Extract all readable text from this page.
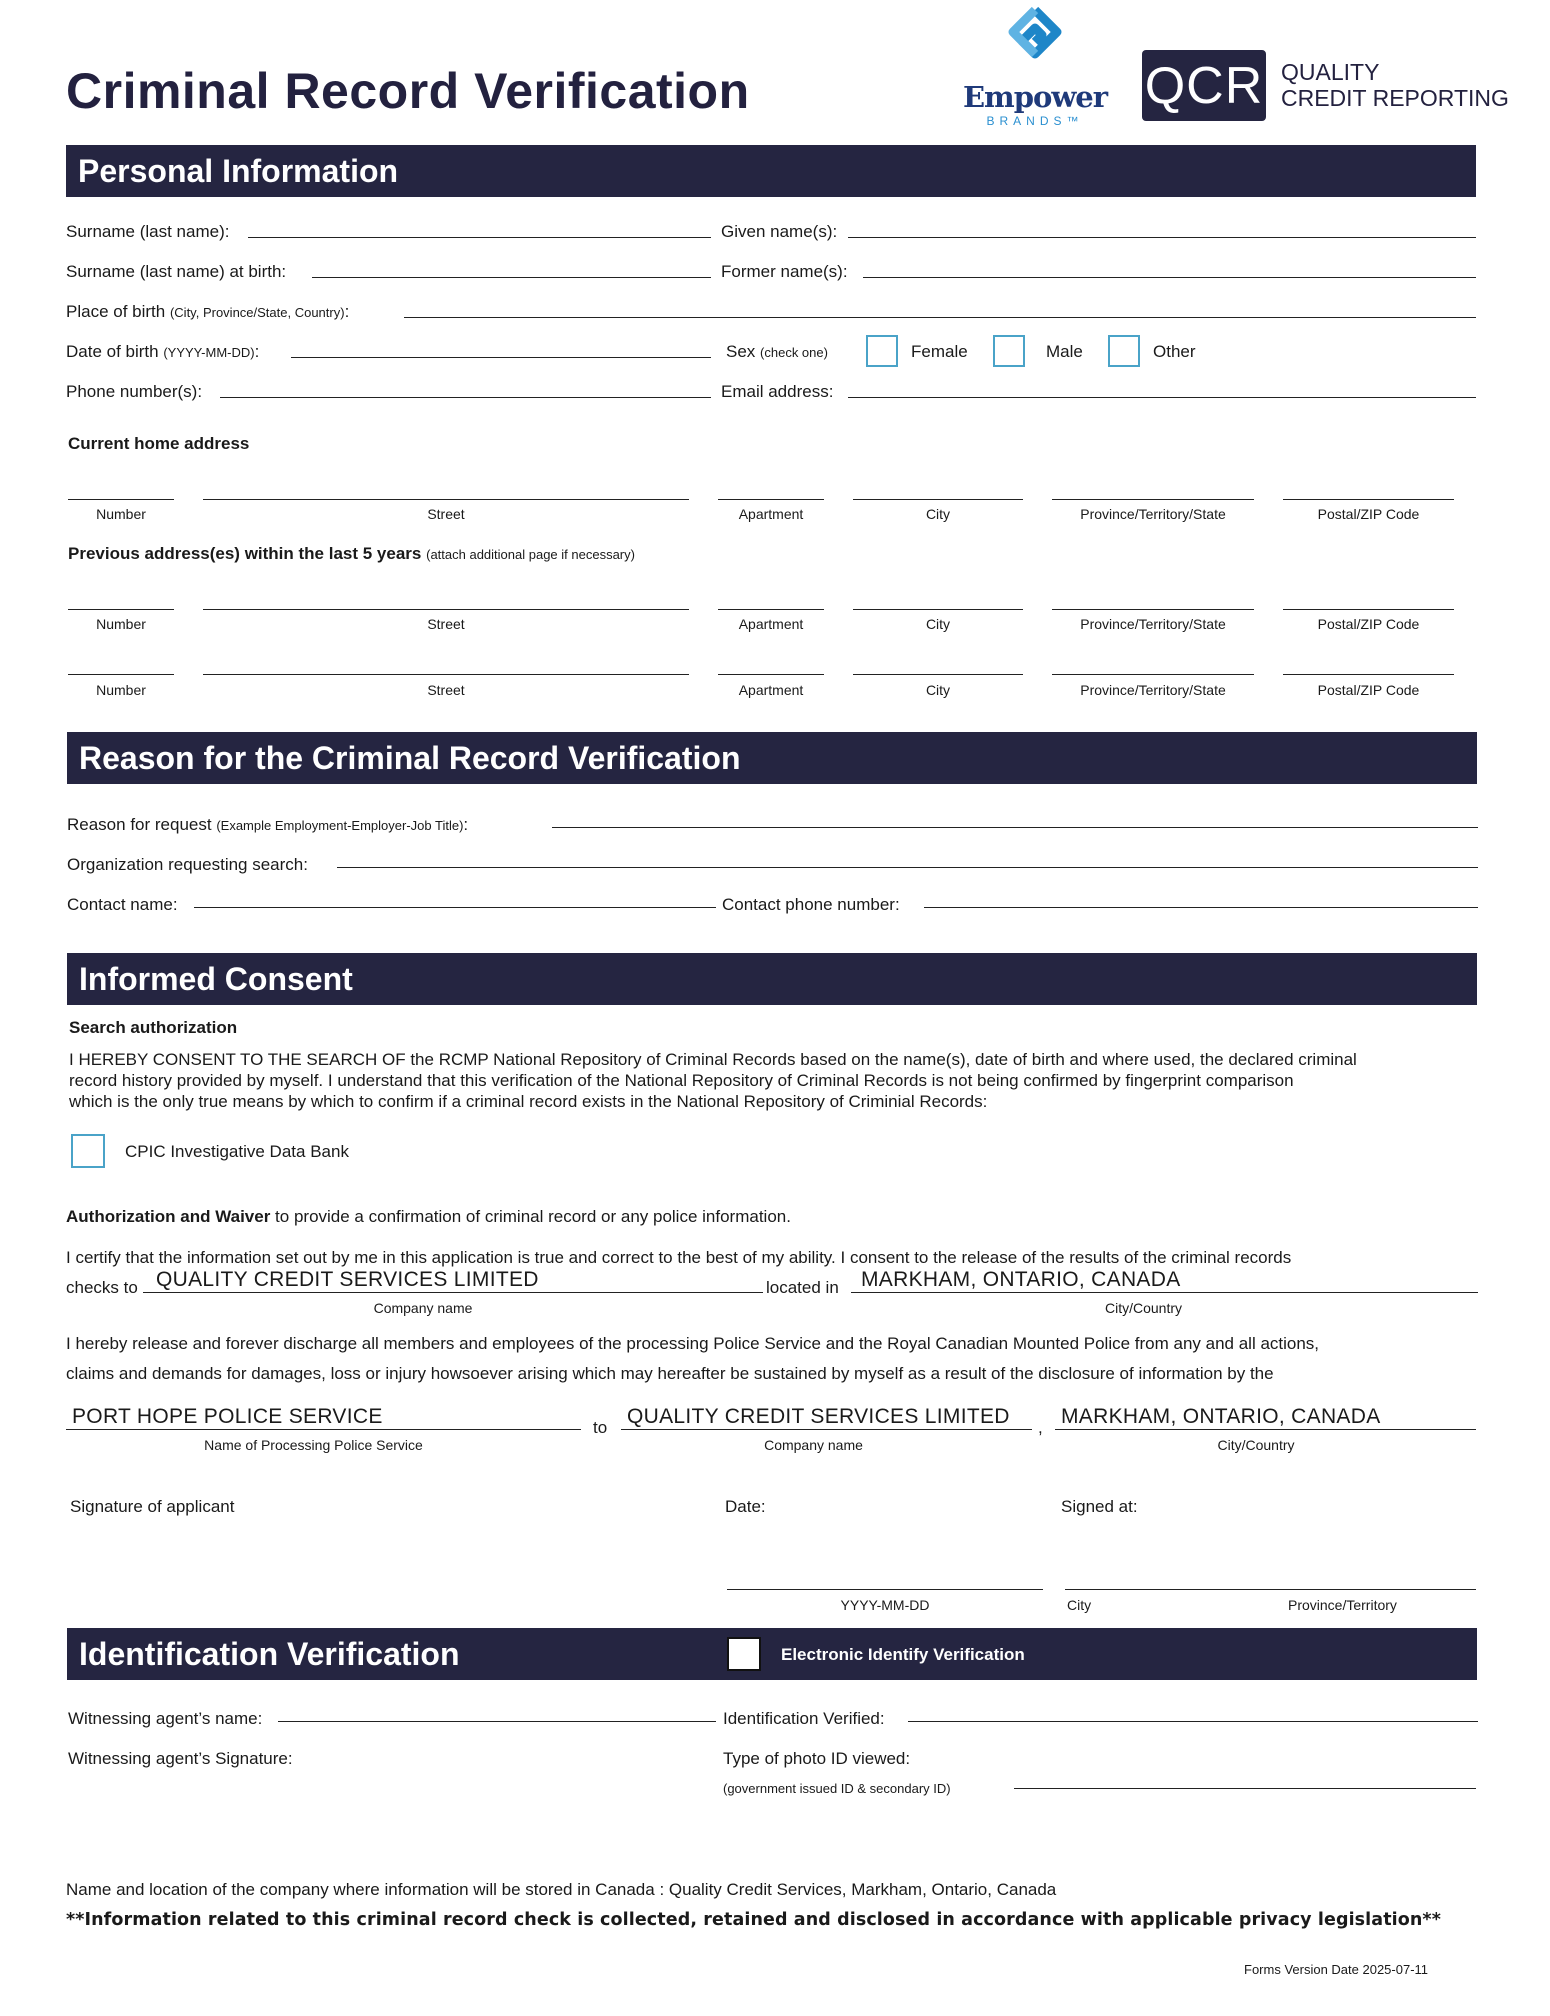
Criminal Record Verification	Empower
BRANDS™
QCR QUALITY
CREDIT REPORTING
Personal Information
Surname (last name):	Given name(s):
Surname (last name) at birth:	Former name(s):
Place of birth (City, Province/State, Country):
Date of birth (YYYY-MM-DD):	Sex (check one)	Female	Male	Other
Phone number(s):	Email address:
Current home address
Number	Street	Apartment	City	Province/Territory/State	Postal/ZIP Code
Previous address(es) within the last 5 years (attach additional page if necessary)
Number	Street	Apartment	City	Province/Territory/State	Postal/ZIP Code
Number	Street	Apartment	City	Province/Territory/State	Postal/ZIP Code
Reason for the Criminal Record Verification
Reason for request (Example Employment-Employer-Job Title):
Organization requesting search:
Contact name:	Contact phone number:
Informed Consent
Search authorization
I HEREBY CONSENT TO THE SEARCH OF the RCMP National Repository of Criminal Records based on the name(s), date of birth and where used, the declared criminal
record history provided by myself. I understand that this verification of the National Repository of Criminal Records is not being confirmed by fingerprint comparison
which is the only true means by which to confirm if a criminal record exists in the National Repository of Criminial Records:
CPIC Investigative Data Bank
Authorization and Waiver to provide a confirmation of criminal record or any police information.
I certify that the information set out by me in this application is true and correct to the best of my ability. I consent to the release of the results of the criminal records
checks to QUALITY CREDIT SERVICES LIMITED	located in MARKHAM, ONTARIO, CANADA
Company name	City/Country
I hereby release and forever discharge all members and employees of the processing Police Service and the Royal Canadian Mounted Police from any and all actions,
claims and demands for damages, loss or injury howsoever arising which may hereafter be sustained by myself as a result of the disclosure of information by the
PORT HOPE POLICE SERVICE	to QUALITY CREDIT SERVICES LIMITED , MARKHAM, ONTARIO, CANADA
Name of Processing Police Service	Company name	City/Country
Signature of applicant	Date:	Signed at:
YYYY-MM-DD	City	Province/Territory
Identification Verification	Electronic Identify Verification
Witnessing agent’s name:	Identification Verified:
Witnessing agent’s Signature:	Type of photo ID viewed:
(government issued ID & secondary ID)
Name and location of the company where information will be stored in Canada : Quality Credit Services, Markham, Ontario, Canada
**Information related to this criminal record check is collected, retained and disclosed in accordance with applicable privacy legislation**
Forms Version Date 2025-07-11
